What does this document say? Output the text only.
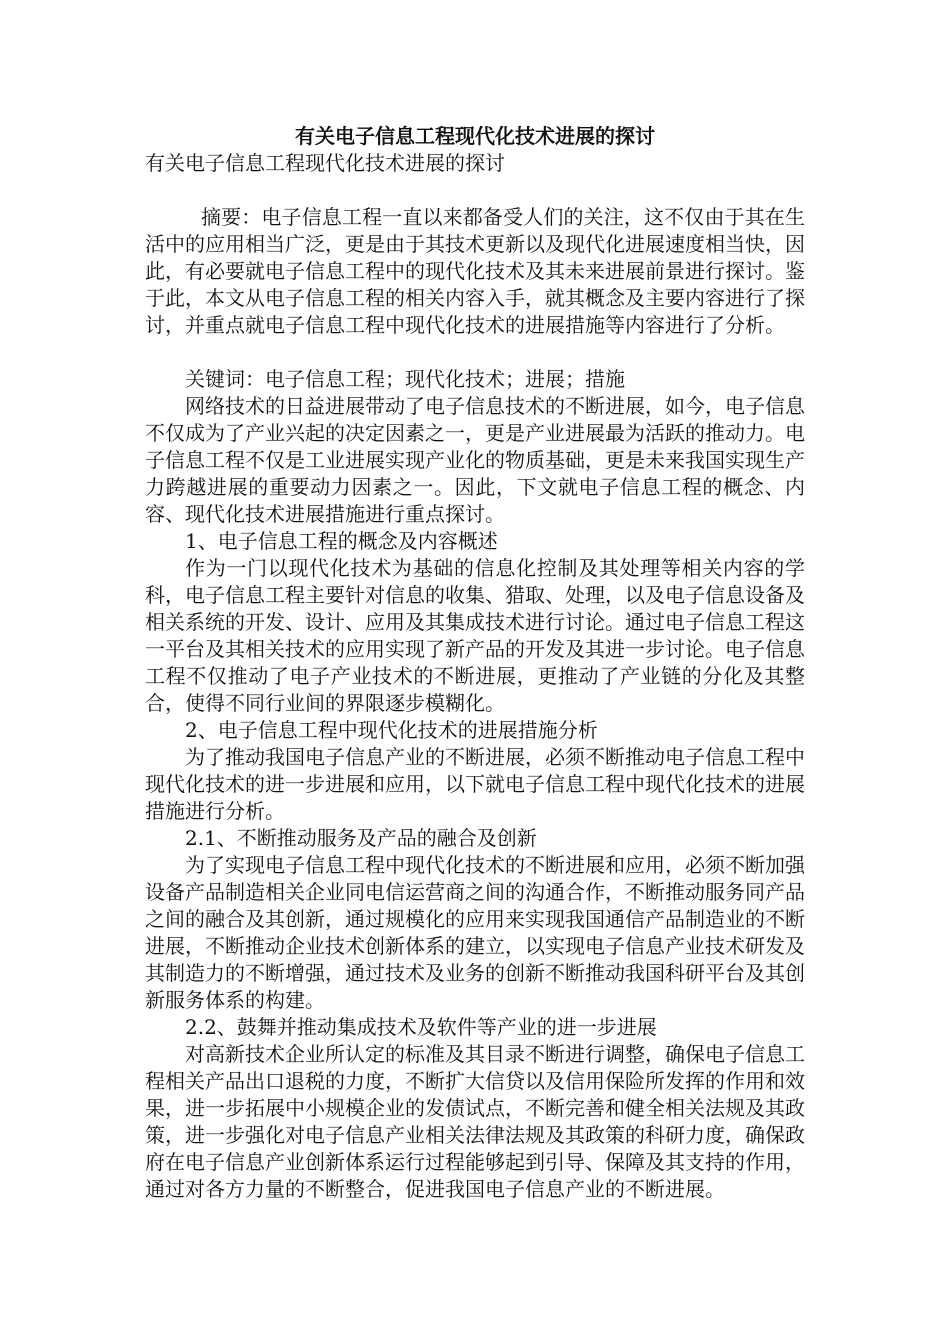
有关电子信息工程现代化技术进展的探讨

有关电子信息工程现代化技术进展的探讨

摘要：电子信息工程一直以来都备受人们的关注，这不仅由于其在生活中的应用相当广泛，更是由于其技术更新以及现代化进展速度相当快，因此，有必要就电子信息工程中的现代化技术及其未来进展前景进行探讨。鉴于此，本文从电子信息工程的相关内容入手，就其概念及主要内容进行了探讨，并重点就电子信息工程中现代化技术的进展措施等内容进行了分析。

关键词：电子信息工程；现代化技术；进展；措施

网络技术的日益进展带动了电子信息技术的不断进展，如今，电子信息不仅成为了产业兴起的决定因素之一，更是产业进展最为活跃的推动力。电子信息工程不仅是工业进展实现产业化的物质基础，更是未来我国实现生产力跨越进展的重要动力因素之一。因此，下文就电子信息工程的概念、内容、现代化技术进展措施进行重点探讨。

1、电子信息工程的概念及内容概述

作为一门以现代化技术为基础的信息化控制及其处理等相关内容的学科，电子信息工程主要针对信息的收集、猎取、处理，以及电子信息设备及相关系统的开发、设计、应用及其集成技术进行讨论。通过电子信息工程这一平台及其相关技术的应用实现了新产品的开发及其进一步讨论。电子信息工程不仅推动了电子产业技术的不断进展，更推动了产业链的分化及其整合，使得不同行业间的界限逐步模糊化。

2、电子信息工程中现代化技术的进展措施分析

为了推动我国电子信息产业的不断进展，必须不断推动电子信息工程中现代化技术的进一步进展和应用，以下就电子信息工程中现代化技术的进展措施进行分析。

2.1、不断推动服务及产品的融合及创新

为了实现电子信息工程中现代化技术的不断进展和应用，必须不断加强设备产品制造相关企业同电信运营商之间的沟通合作，不断推动服务同产品之间的融合及其创新，通过规模化的应用来实现我国通信产品制造业的不断进展，不断推动企业技术创新体系的建立，以实现电子信息产业技术研发及其制造力的不断增强，通过技术及业务的创新不断推动我国科研平台及其创新服务体系的构建。

2.2、鼓舞并推动集成技术及软件等产业的进一步进展

对高新技术企业所认定的标准及其目录不断进行调整，确保电子信息工程相关产品出口退税的力度，不断扩大信贷以及信用保险所发挥的作用和效果，进一步拓展中小规模企业的发债试点，不断完善和健全相关法规及其政策，进一步强化对电子信息产业相关法律法规及其政策的科研力度，确保政府在电子信息产业创新体系运行过程能够起到引导、保障及其支持的作用，通过对各方力量的不断整合，促进我国电子信息产业的不断进展。
